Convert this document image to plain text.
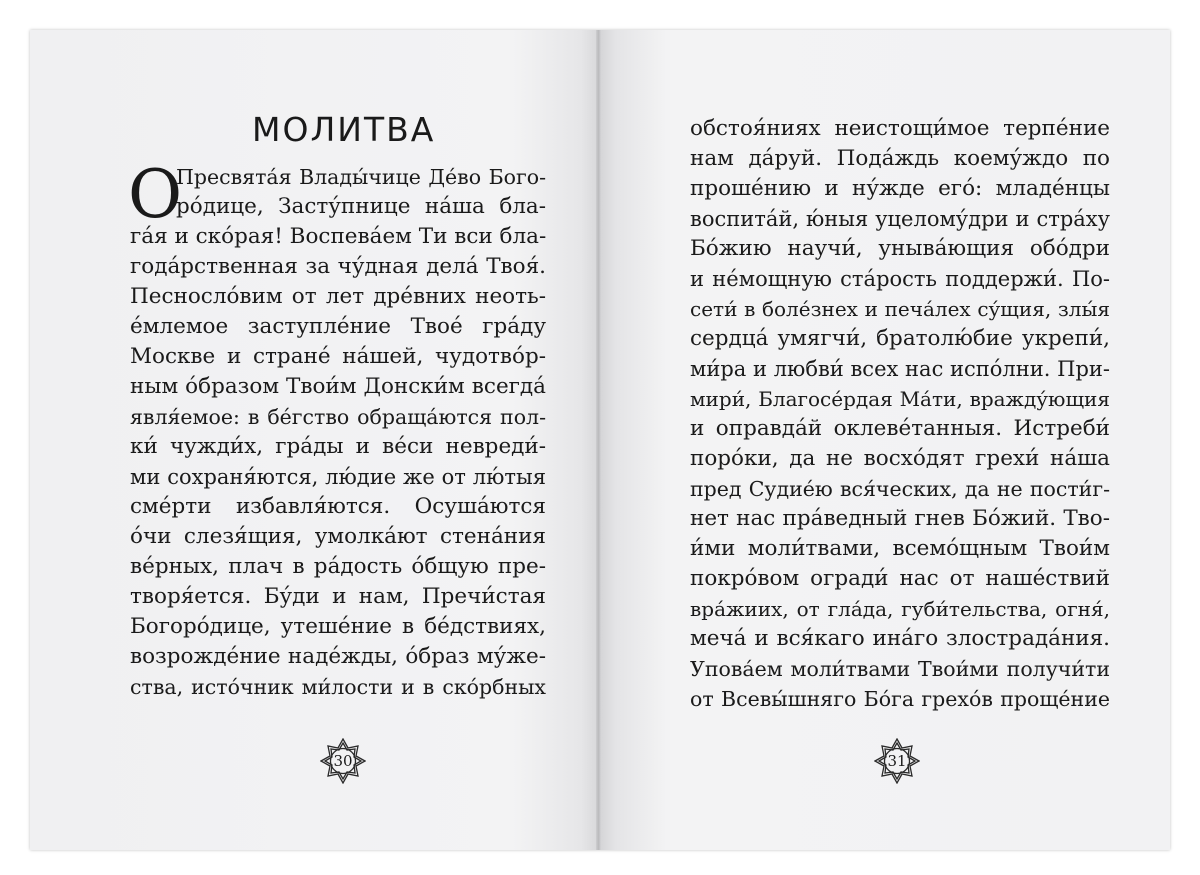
МОЛИТВА
О
Пресвята́я Влады́чице Де́во Бого-
ро́дице, Засту́пнице на́ша бла-
га́я и ско́рая! Воспева́ем Ти вси бла-
года́рственная за чу́дная дела́ Твоя́.
Песносло́вим от лет дре́вних неоть-
е́млемое заступле́ние Твое́ гра́ду
Москве и стране́ на́шей, чудотво́р-
ным о́бразом Твои́м Донски́м всегда́
явля́емое: в бе́гство обраща́ются пол-
ки́ чужди́х, гра́ды и ве́си невреди́-
ми сохраня́ются, лю́дие же от лю́тыя
сме́рти избавля́ются. Осуша́ются
о́чи слезя́щия, умолка́ют стена́ния
ве́рных, плач в ра́дость о́бщую пре-
творя́ется. Бу́ди и нам, Пречи́стая
Богоро́дице, утеше́ние в бе́дствиях,
возрожде́ние наде́жды, о́браз му́же-
ства, исто́чник ми́лости и в ско́рбных
30
обстоя́ниях неистощи́мое терпе́ние
нам да́руй. Пода́ждь коему́ждо по
проше́нию и ну́жде его́: младе́нцы
воспита́й, ю́ныя уцелому́дри и стра́ху
Бо́жию научи́, уныва́ющия обо́дри
и не́мощную ста́рость поддержи́. По-
сети́ в боле́знех и печа́лех су́щия, злы́я
сердца́ умягчи́, братолю́бие укрепи́,
ми́ра и любви́ всех нас испо́лни. При-
мири́, Благосе́рдая Ма́ти, вражду́ющия
и оправда́й оклеве́танныя. Истреби́
поро́ки, да не восхо́дят грехи́ на́ша
пред Судие́ю вся́ческих, да не пости́г-
нет нас пра́ведный гнев Бо́жий. Тво-
и́ми моли́твами, всемо́щным Твои́м
покро́вом огради́ нас от наше́ствий
вра́жиих, от гла́да, губи́тельства, огня́,
меча́ и вся́каго ина́го злострада́ния.
Упова́ем моли́твами Твои́ми получи́ти
от Всевы́шняго Бо́га грехо́в проще́ние
31
